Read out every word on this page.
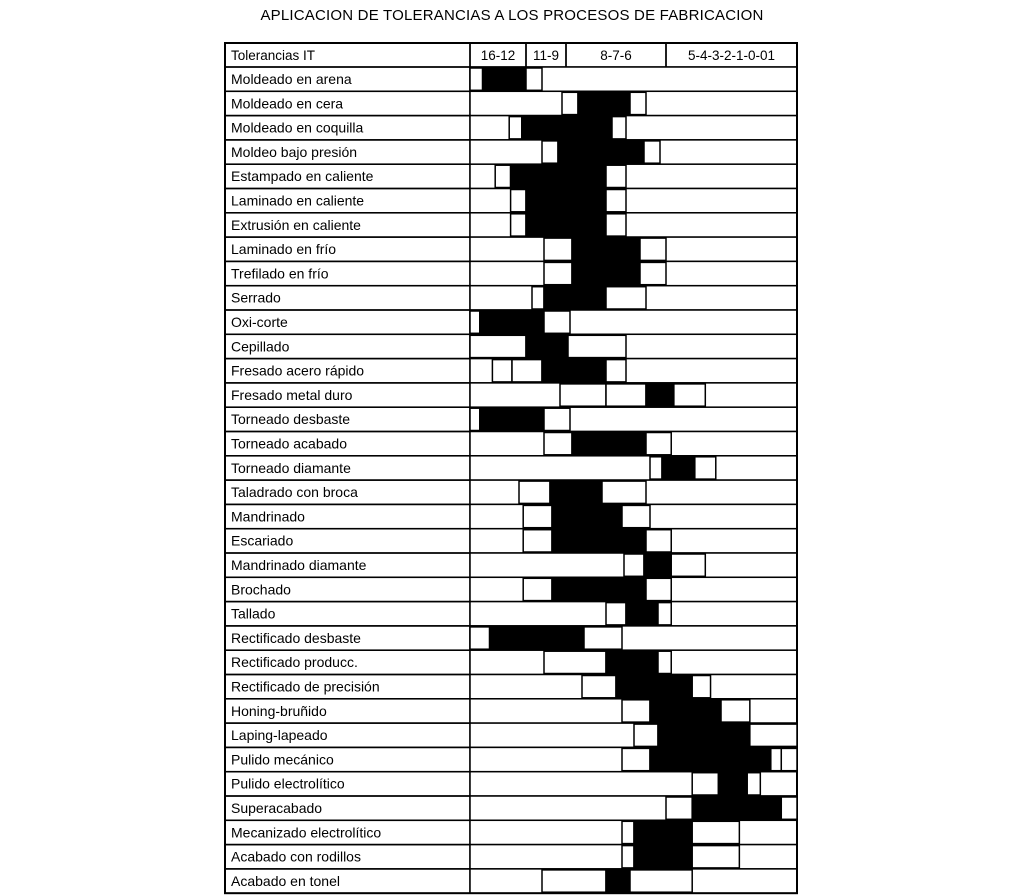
APLICACION DE TOLERANCIAS A LOS PROCESOS DE FABRICACION
16-12 11-9	8-7-6	5-4-3-2-1-0-01
Tolerancias IT
Moldeado en arena
Moldeado en cera
Moldeado en coquilla
Moldeo bajo presión
Estampado en caliente
Laminado en caliente
Extrusión en caliente
Laminado en frío
Trefilado en frío
Serrado
Oxi-corte
Cepillado
Fresado acero rápido
Fresado metal duro
Torneado desbaste
Torneado acabado
Torneado diamante
Taladrado con broca
Mandrinado
Escariado
Mandrinado diamante
Brochado
Tallado
Rectificado desbaste
Rectificado producc.
Rectificado de precisión
Honing-bruñido
Laping-lapeado
Pulido mecánico
Pulido electrolítico
Superacabado
Mecanizado electrolítico
Acabado con rodillos
Acabado en tonel
